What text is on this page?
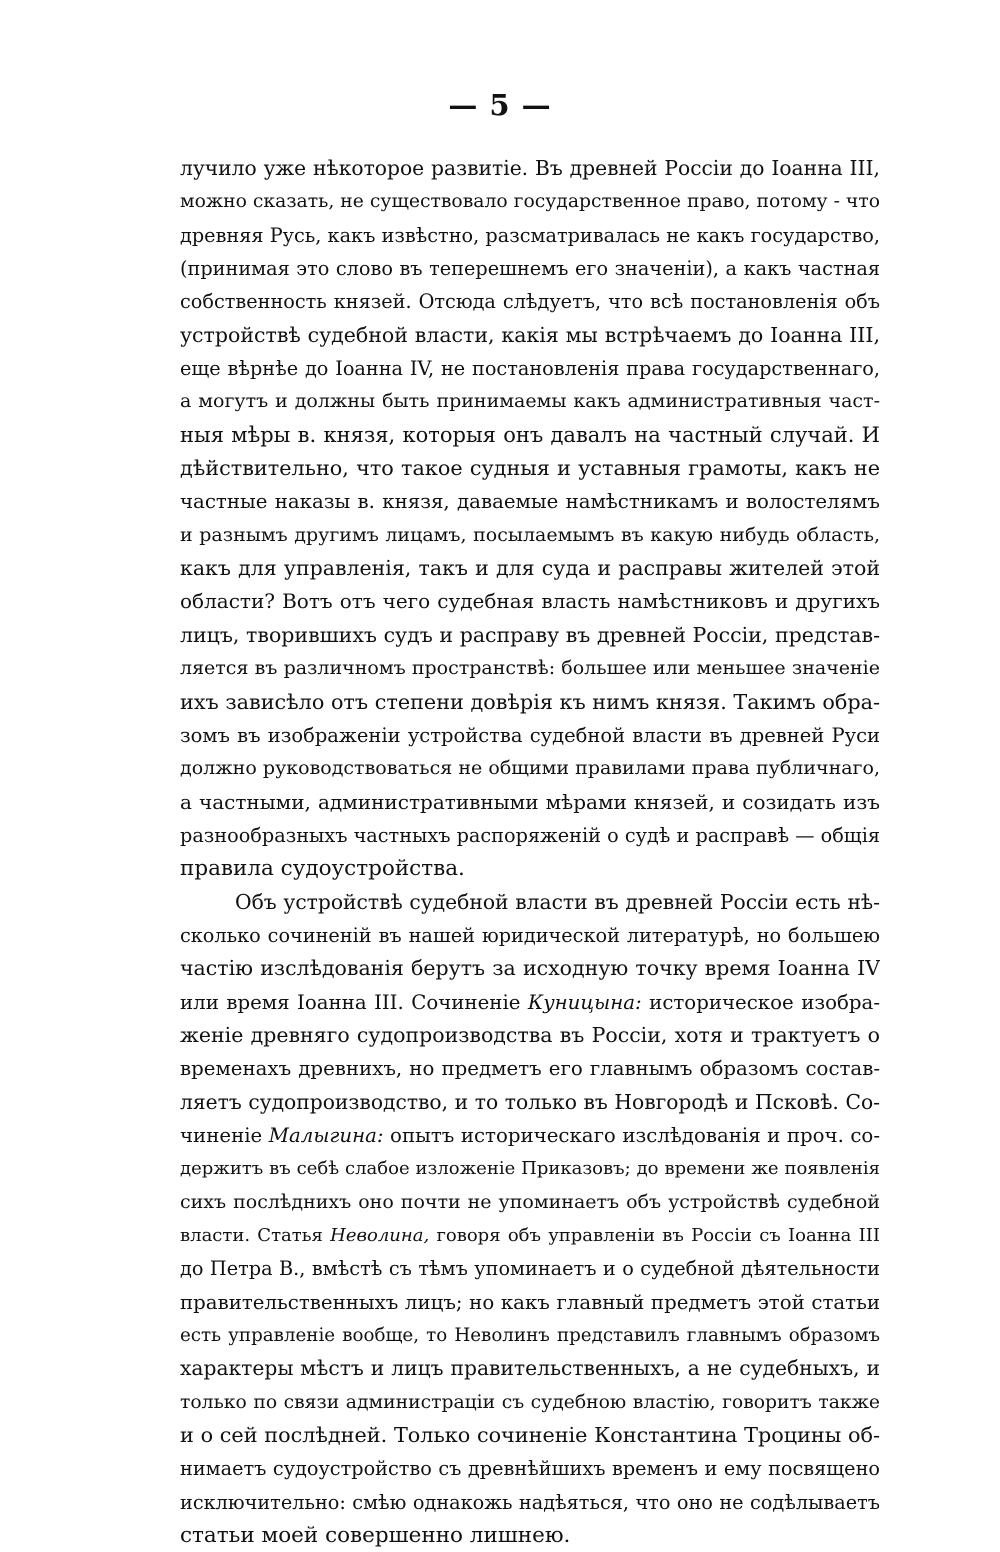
— 5 —
лучило уже нѣкоторое развитіе. Въ древней Россіи до Іоанна III,
можно сказать, не существовало государственное право, потому - что
древняя Русь, какъ извѣстно, разсматривалась не какъ государство,
(принимая это слово въ теперешнемъ его значеніи), а какъ частная
собственность князей. Отсюда слѣдуетъ, что всѣ постановленія объ
устройствѣ судебной власти, какія мы встрѣчаемъ до Іоанна III,
еще вѣрнѣе до Іоанна IV, не постановленія права государственнаго,
а могутъ и должны быть принимаемы какъ административныя част-
ныя мѣры в. князя, которыя онъ давалъ на частный случай. И
дѣйствительно, что такое судныя и уставныя грамоты, какъ не
частные наказы в. князя, даваемые намѣстникамъ и волостелямъ
и разнымъ другимъ лицамъ, посылаемымъ въ какую нибудь область,
какъ для управленія, такъ и для суда и расправы жителей этой
области? Вотъ отъ чего судебная власть намѣстниковъ и другихъ
лицъ, творившихъ судъ и расправу въ древней Россіи, представ-
ляется въ различномъ пространствѣ: большее или меньшее значеніе
ихъ зависѣло отъ степени довѣрія къ нимъ князя. Такимъ обра-
зомъ въ изображеніи устройства судебной власти въ древней Руси
должно руководствоваться не общими правилами права публичнаго,
а частными, административными мѣрами князей, и созидать изъ
разнообразныхъ частныхъ распоряженій о судѣ и расправѣ — общія
правила судоустройства.
Объ устройствѣ судебной власти въ древней Россіи есть нѣ-
сколько сочиненій въ нашей юридической литературѣ, но большею
частію изслѣдованія берутъ за исходную точку время Іоанна IV
или время Іоанна III. Сочиненіе Куницына: историческое изобра-
женіе древняго судопроизводства въ Россіи, хотя и трактуетъ о
временахъ древнихъ, но предметъ его главнымъ образомъ состав-
ляетъ судопроизводство, и то только въ Новгородѣ и Псковѣ. Со-
чиненіе Малыгина: опытъ историческаго изслѣдованія и проч. со-
держитъ въ себѣ слабое изложеніе Приказовъ; до времени же появленія
сихъ послѣднихъ оно почти не упоминаетъ объ устройствѣ судебной
власти. Статья Неволина, говоря объ управленіи въ Россіи съ Іоанна III
до Петра В., вмѣстѣ съ тѣмъ упоминаетъ и о судебной дѣятельности
правительственныхъ лицъ; но какъ главный предметъ этой статьи
есть управленіе вообще, то Неволинъ представилъ главнымъ образомъ
характеры мѣстъ и лицъ правительственныхъ, а не судебныхъ, и
только по связи администраціи съ судебною властію, говоритъ также
и о сей послѣдней. Только сочиненіе Константина Троцины об-
нимаетъ судоустройство съ древнѣйшихъ временъ и ему посвящено
исключительно: смѣю однакожь надѣяться, что оно не содѣлываетъ
статьи моей совершенно лишнею.
